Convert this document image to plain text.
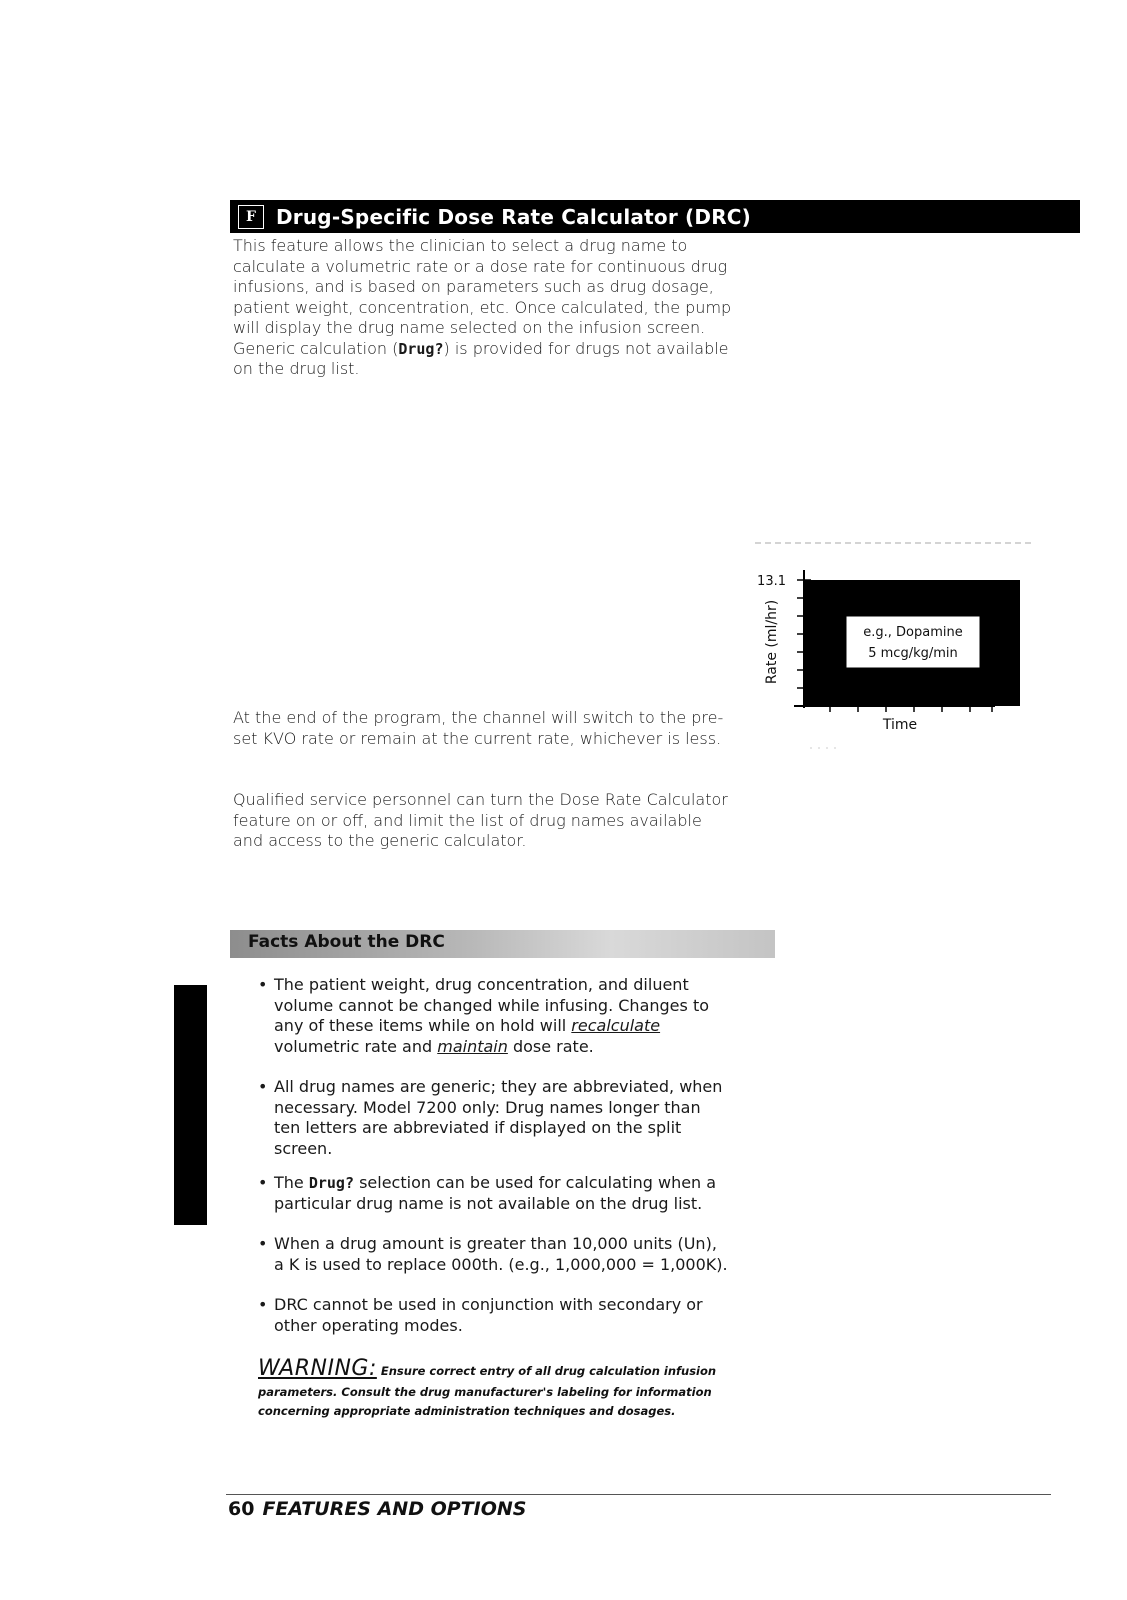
F Drug-Specific Dose Rate Calculator (DRC)
This feature allows the clinician to select a drug name to calculate a volumetric rate or a dose rate for continuous drug infusions, and is based on parameters such as drug dosage, patient weight, concentration, etc. Once calculated, the pump will display the drug name selected on the infusion screen. Generic calculation (Drug?) is provided for drugs not available on the drug list.
At the end of the program, the channel will switch to the pre-set KVO rate or remain at the current rate, whichever is less.
Qualified service personnel can turn the Dose Rate Calculator feature on or off, and limit the list of drug names available and access to the generic calculator.
e.g., Dopamine
5 mcg/kg/min
13.1
Rate (ml/hr)
Time
Facts About the DRC
• The patient weight, drug concentration, and diluent volume cannot be changed while infusing. Changes to any of these items while on hold will recalculate volumetric rate and maintain dose rate.
• All drug names are generic; they are abbreviated, when necessary. Model 7200 only: Drug names longer than ten letters are abbreviated if displayed on the split screen.
• The Drug? selection can be used for calculating when a particular drug name is not available on the drug list.
• When a drug amount is greater than 10,000 units (Un), a K is used to replace 000th. (e.g., 1,000,000 = 1,000K).
• DRC cannot be used in conjunction with secondary or other operating modes.
WARNING: Ensure correct entry of all drug calculation infusion parameters. Consult the drug manufacturer's labeling for information concerning appropriate administration techniques and dosages.
60 FEATURES AND OPTIONS
